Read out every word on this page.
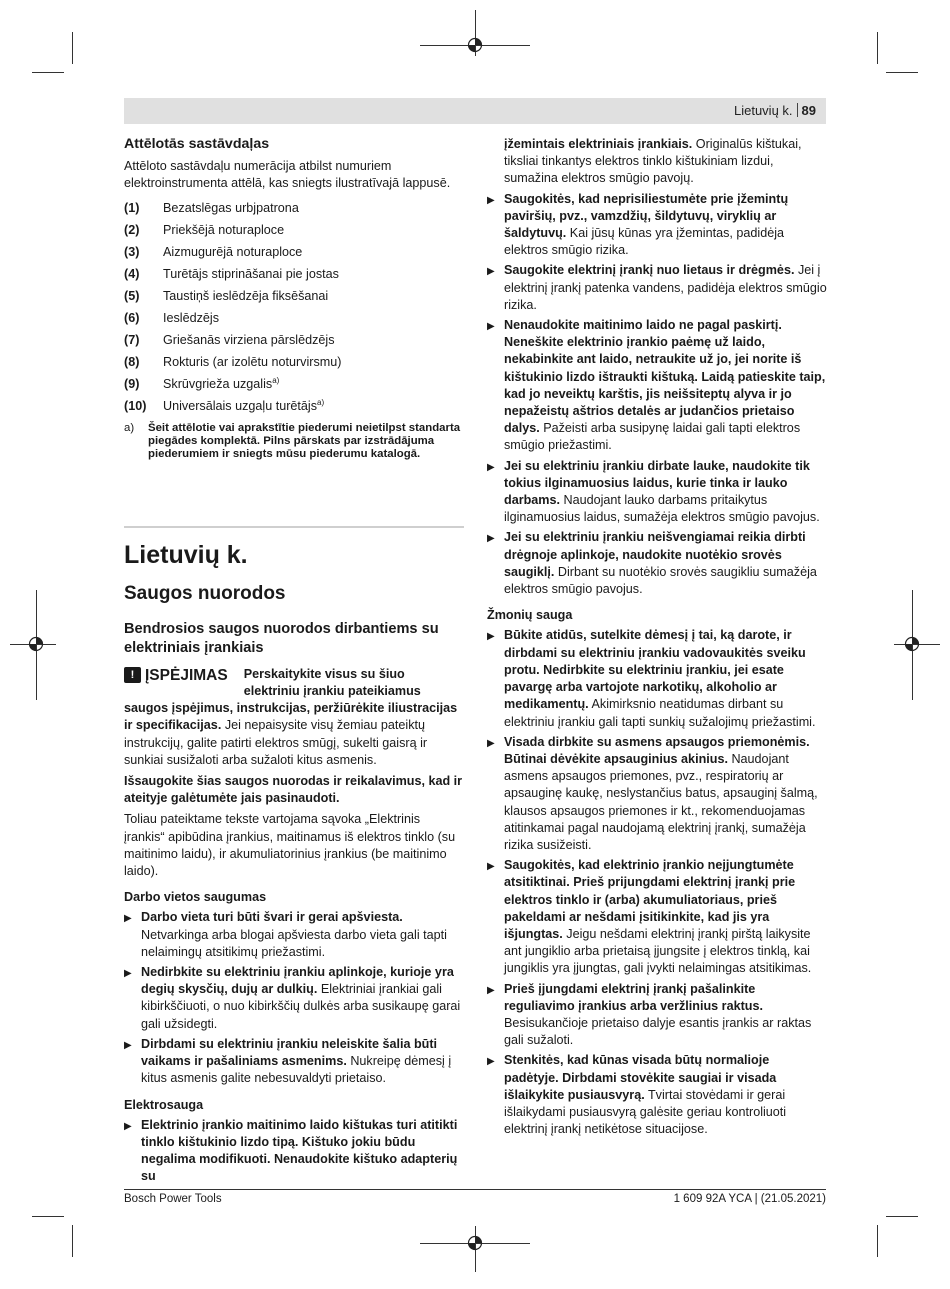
Lietuvių k. 89
Attēlotās sastāvdaļas

Attēloto sastāvdaļu numerācija atbilst numuriem elektroinstrumenta attēlā, kas sniegts ilustratīvajā lappusē.

(1)	Bezatslēgas urbjpatrona
(2)	Priekšējā noturaploce
(3)	Aizmugurējā noturaploce
(4)	Turētājs stiprināšanai pie jostas
(5)	Taustiņš ieslēdzēja fiksēšanai
(6)	Ieslēdzējs
(7)	Griešanās virziena pārslēdzējs
(8)	Rokturis (ar izolētu noturvirsmu)
(9)	Skrūvgrieža uzgalis$^{a)}$
(10)	Universālais uzgaļu turētājs$^{a)}$
a)	Šeit attēlotie vai aprakstītie piederumi neietilpst standarta piegādes komplektā. Pilns pārskats par izstrādājuma piederumiem ir sniegts mūsu piederumu katalogā.
Lietuvių k.
Saugos nuorodos
Bendrosios saugos nuorodos dirbantiems su elektriniais įrankiais
! ĮSPĖJIMAS Perskaitykite visus su šiuo elektriniu įrankiu pateikiamus saugos įspėjimus, instrukcijas, peržiūrėkite iliustracijas ir specifikacijas. Jei nepaisysite visų žemiau pateiktų instrukcijų, galite patirti elektros smūgį, sukelti gaisrą ir sunkiai susižaloti arba sužaloti kitus asmenis.

Išsaugokite šias saugos nuorodas ir reikalavimus, kad ir ateityje galėtumėte jais pasinaudoti.

Toliau pateiktame tekste vartojama sąvoka „Elektrinis įrankis“ apibūdina įrankius, maitinamus iš elektros tinklo (su maitinimo laidu), ir akumuliatorinius įrankius (be maitinimo laido).

Darbo vietos saugumas
▶ Darbo vieta turi būti švari ir gerai apšviesta. Netvarkinga arba blogai apšviesta darbo vieta gali tapti nelaimingų atsitikimų priežastimi.
▶ Nedirbkite su elektriniu įrankiu aplinkoje, kurioje yra degių skysčių, dujų ar dulkių. Elektriniai įrankiai gali kibirkščiuoti, o nuo kibirkščių dulkės arba susikaupę garai gali užsidegti.
▶ Dirbdami su elektriniu įrankiu neleiskite šalia būti vaikams ir pašaliniams asmenims. Nukreipę dėmesį į kitus asmenis galite nebesuvaldyti prietaiso.
Elektrosauga
▶ Elektrinio įrankio maitinimo laido kištukas turi atitikti tinklo kištukinio lizdo tipą. Kištuko jokiu būdu negalima modifikuoti. Nenaudokite kištuko adapterių su
įžemintais elektriniais įrankiais. Originalūs kištukai, tiksliai tinkantys elektros tinklo kištukiniam lizdui, sumažina elektros smūgio pavojų.
▶ Saugokitės, kad neprisiliestumėte prie įžemintų paviršių, pvz., vamzdžių, šildytuvų, viryklių ar šaldytuvų. Kai jūsų kūnas yra įžemintas, padidėja elektros smūgio rizika.
▶ Saugokite elektrinį įrankį nuo lietaus ir drėgmės. Jei į elektrinį įrankį patenka vandens, padidėja elektros smūgio rizika.
▶ Nenaudokite maitinimo laido ne pagal paskirtį. Neneškite elektrinio įrankio paėmę už laido, nekabinkite ant laido, netraukite už jo, jei norite iš kištukinio lizdo ištraukti kištuką. Laidą patieskite taip, kad jo neveiktų karštis, jis neišsiteptų alyva ir jo nepažeistų aštrios detalės ar judančios prietaiso dalys. Pažeisti arba susipynę laidai gali tapti elektros smūgio priežastimi.
▶ Jei su elektriniu įrankiu dirbate lauke, naudokite tik tokius ilginamuosius laidus, kurie tinka ir lauko darbams. Naudojant lauko darbams pritaikytus ilginamuosius laidus, sumažėja elektros smūgio pavojus.
▶ Jei su elektriniu įrankiu neišvengiamai reikia dirbti drėgnoje aplinkoje, naudokite nuotėkio srovės saugiklį. Dirbant su nuotėkio srovės saugikliu sumažėja elektros smūgio pavojus.
Žmonių sauga
▶ Būkite atidūs, sutelkite dėmesį į tai, ką darote, ir dirbdami su elektriniu įrankiu vadovaukitės sveiku protu. Nedirbkite su elektriniu įrankiu, jei esate pavargę arba vartojote narkotikų, alkoholio ar medikamentų. Akimirksnio neatidumas dirbant su elektriniu įrankiu gali tapti sunkių sužalojimų priežastimi.
▶ Visada dirbkite su asmens apsaugos priemonėmis. Būtinai dėvėkite apsauginius akinius. Naudojant asmens apsaugos priemones, pvz., respiratorių ar apsauginę kaukę, neslystančius batus, apsauginį šalmą, klausos apsaugos priemones ir kt., rekomenduojamas atitinkamai pagal naudojamą elektrinį įrankį, sumažėja rizika susižeisti.
▶ Saugokitės, kad elektrinio įrankio neįjungtumėte atsitiktinai. Prieš prijungdami elektrinį įrankį prie elektros tinklo ir (arba) akumuliatoriaus, prieš pakeldami ar nešdami įsitikinkite, kad jis yra išjungtas. Jeigu nešdami elektrinį įrankį pirštą laikysite ant jungiklio arba prietaisą įjungsite į elektros tinklą, kai jungiklis yra įjungtas, gali įvykti nelaimingas atsitikimas.
▶ Prieš įjungdami elektrinį įrankį pašalinkite reguliavimo įrankius arba veržlinius raktus. Besisukančioje prietaiso dalyje esantis įrankis ar raktas gali sužaloti.
▶ Stenkitės, kad kūnas visada būtų normalioje padėtyje. Dirbdami stovėkite saugiai ir visada išlaikykite pusiausvyrą. Tvirtai stovėdami ir gerai išlaikydami pusiausvyrą galėsite geriau kontroliuoti elektrinį įrankį netikėtose situacijose.
Bosch Power Tools	1 609 92A YCA | (21.05.2021)
